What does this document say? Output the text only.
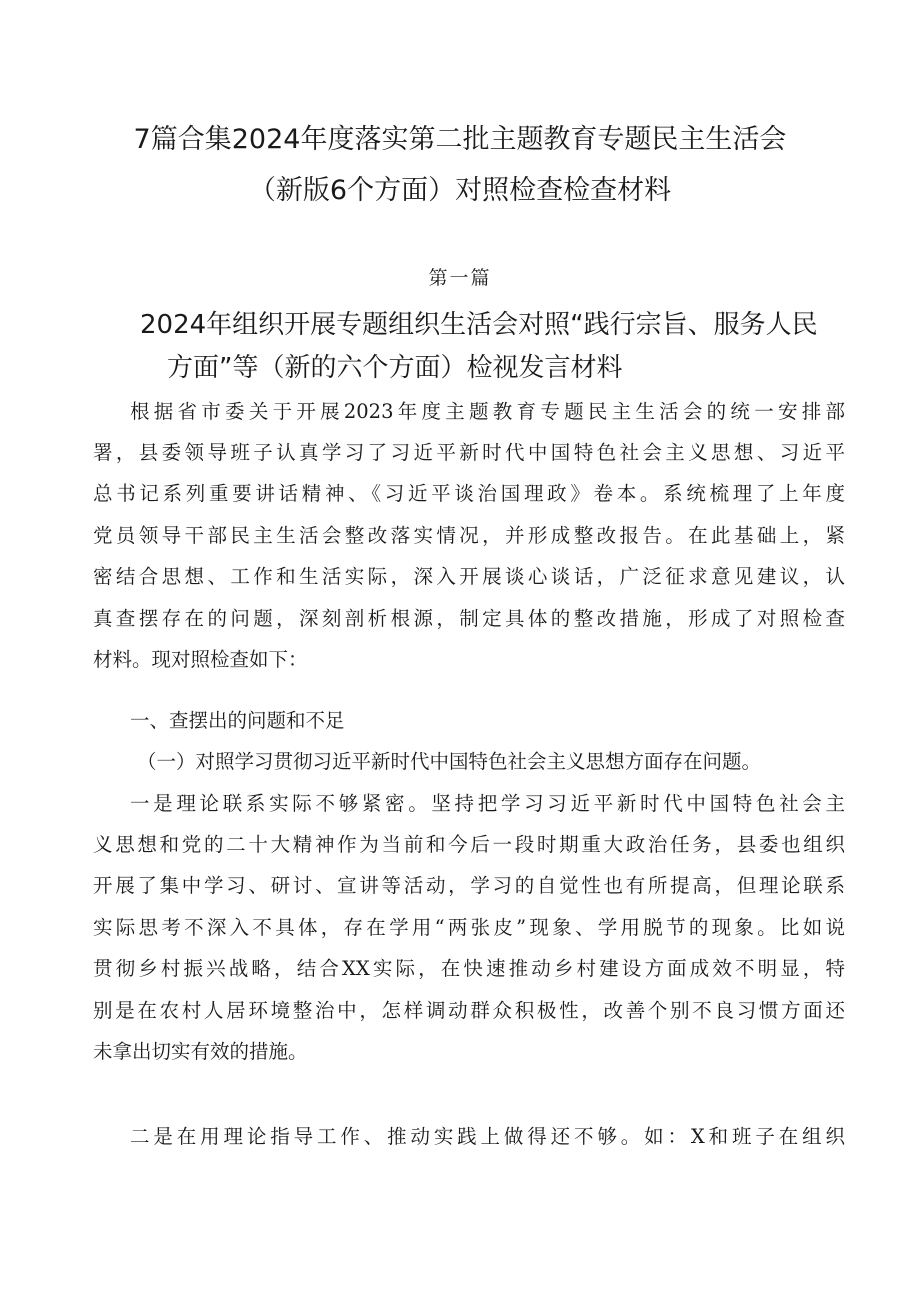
7篇合集2024年度落实第二批主题教育专题民主生活会
（新版6个方面）对照检查检查材料
第一篇
2024年组织开展专题组织生活会对照“践行宗旨、服务人民
方面”等（新的六个方面）检视发言材料
根据省市委关于开展2023年度主题教育专题民主生活会的统一安排部
署，县委领导班子认真学习了习近平新时代中国特色社会主义思想、习近平
总书记系列重要讲话精神、《习近平谈治国理政》卷本。系统梳理了上年度
党员领导干部民主生活会整改落实情况，并形成整改报告。在此基础上，紧
密结合思想、工作和生活实际，深入开展谈心谈话，广泛征求意见建议，认
真查摆存在的问题，深刻剖析根源，制定具体的整改措施，形成了对照检查
材料。现对照检查如下：
一、查摆出的问题和不足
（一）对照学习贯彻习近平新时代中国特色社会主义思想方面存在问题。
一是理论联系实际不够紧密。坚持把学习习近平新时代中国特色社会主
义思想和党的二十大精神作为当前和今后一段时期重大政治任务，县委也组织
开展了集中学习、研讨、宣讲等活动，学习的自觉性也有所提高，但理论联系
实际思考不深入不具体，存在学用“两张皮”现象、学用脱节的现象。比如说
贯彻乡村振兴战略，结合XX实际，在快速推动乡村建设方面成效不明显，特
别是在农村人居环境整治中，怎样调动群众积极性，改善个别不良习惯方面还
未拿出切实有效的措施。
二是在用理论指导工作、推动实践上做得还不够。如：X和班子在组织
